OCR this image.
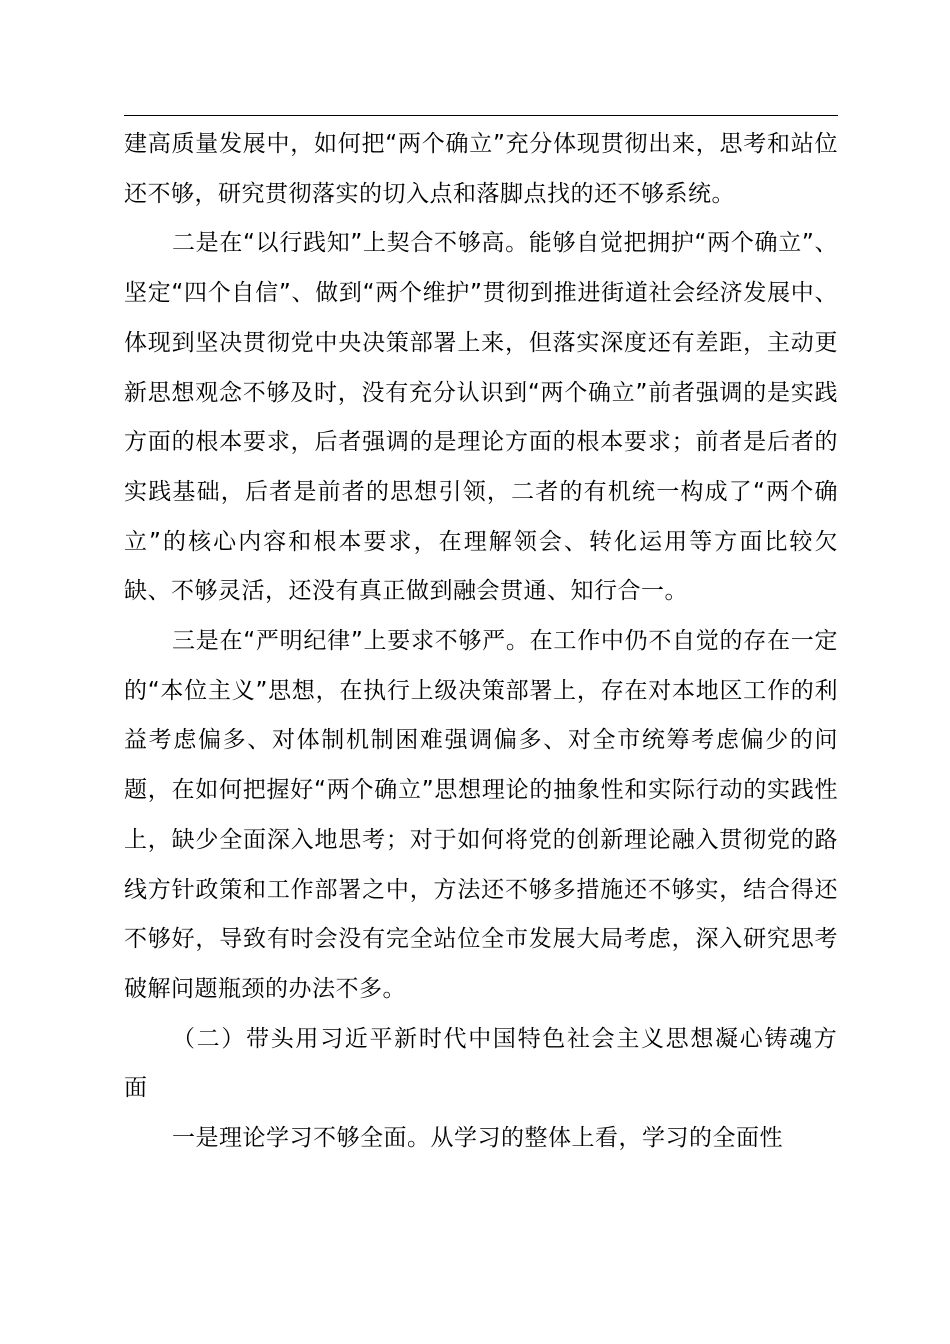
建高质量发展中，如何把“两个确立”充分体现贯彻出来，思考和站位还不够，研究贯彻落实的切入点和落脚点找的还不够系统。

二是在“以行践知”上契合不够高。能够自觉把拥护“两个确立”、坚定“四个自信”、做到“两个维护”贯彻到推进街道社会经济发展中、体现到坚决贯彻党中央决策部署上来，但落实深度还有差距，主动更新思想观念不够及时，没有充分认识到“两个确立”前者强调的是实践方面的根本要求，后者强调的是理论方面的根本要求；前者是后者的实践基础，后者是前者的思想引领，二者的有机统一构成了“两个确立”的核心内容和根本要求，在理解领会、转化运用等方面比较欠缺、不够灵活，还没有真正做到融会贯通、知行合一。

三是在“严明纪律”上要求不够严。在工作中仍不自觉的存在一定的“本位主义”思想，在执行上级决策部署上，存在对本地区工作的利益考虑偏多、对体制机制困难强调偏多、对全市统筹考虑偏少的问题，在如何把握好“两个确立”思想理论的抽象性和实际行动的实践性上，缺少全面深入地思考；对于如何将党的创新理论融入贯彻党的路线方针政策和工作部署之中，方法还不够多措施还不够实，结合得还不够好，导致有时会没有完全站位全市发展大局考虑，深入研究思考破解问题瓶颈的办法不多。

（二）带头用习近平新时代中国特色社会主义思想凝心铸魂方面

一是理论学习不够全面。从学习的整体上看，学习的全面性
